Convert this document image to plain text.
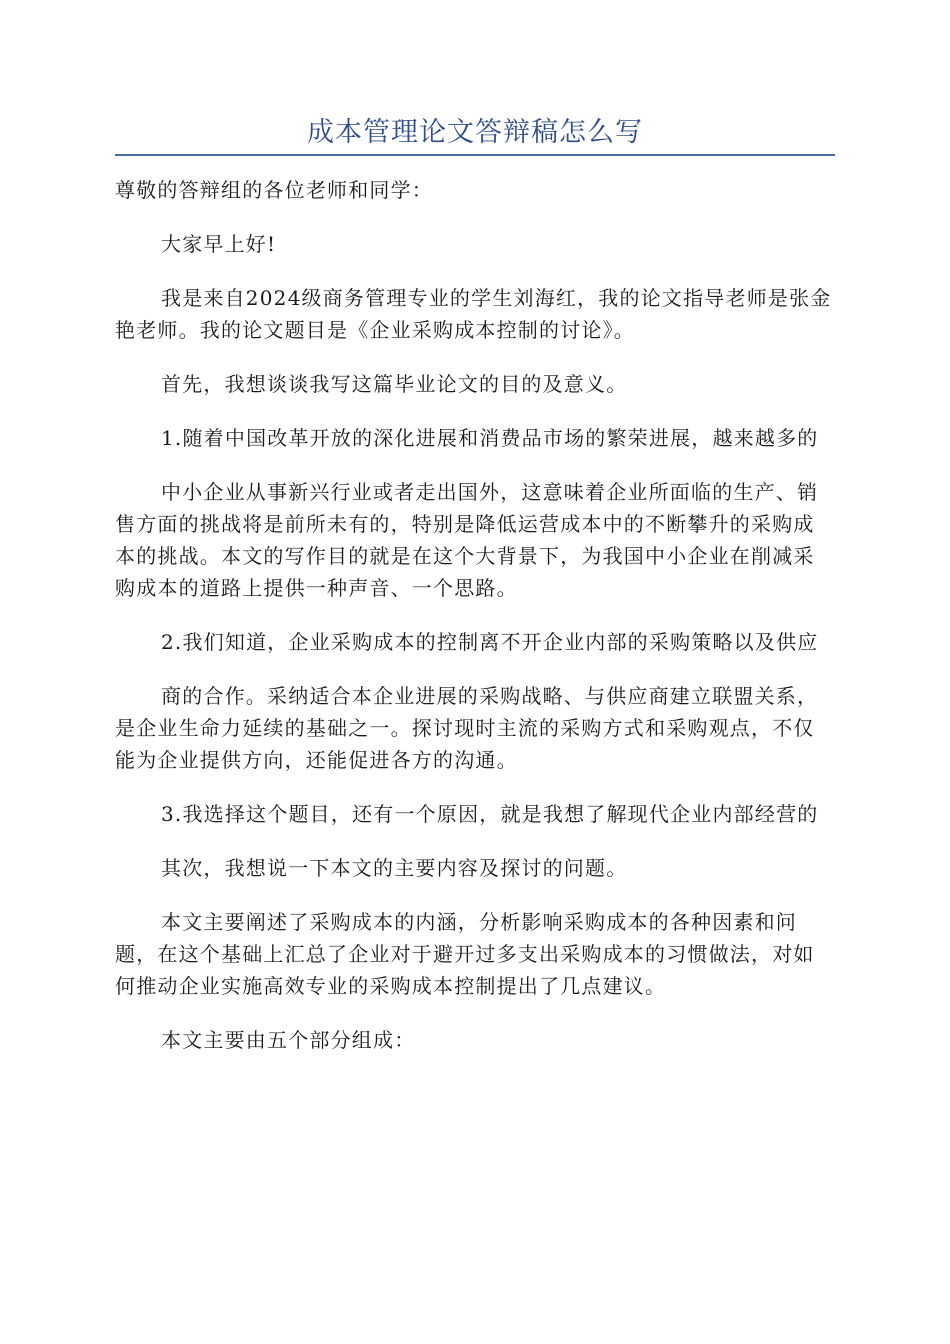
成本管理论文答辩稿怎么写

尊敬的答辩组的各位老师和同学：

大家早上好!

我是来自2024级商务管理专业的学生刘海红，我的论文指导老师是张金艳老师。我的论文题目是《企业采购成本控制的讨论》。

首先，我想谈谈我写这篇毕业论文的目的及意义。

1.随着中国改革开放的深化进展和消费品市场的繁荣进展，越来越多的

中小企业从事新兴行业或者走出国外，这意味着企业所面临的生产、销售方面的挑战将是前所未有的，特别是降低运营成本中的不断攀升的采购成本的挑战。本文的写作目的就是在这个大背景下，为我国中小企业在削减采购成本的道路上提供一种声音、一个思路。

2.我们知道，企业采购成本的控制离不开企业内部的采购策略以及供应

商的合作。采纳适合本企业进展的采购战略、与供应商建立联盟关系，是企业生命力延续的基础之一。探讨现时主流的采购方式和采购观点，不仅能为企业提供方向，还能促进各方的沟通。

3.我选择这个题目，还有一个原因，就是我想了解现代企业内部经营的

其次，我想说一下本文的主要内容及探讨的问题。

本文主要阐述了采购成本的内涵，分析影响采购成本的各种因素和问题，在这个基础上汇总了企业对于避开过多支出采购成本的习惯做法，对如何推动企业实施高效专业的采购成本控制提出了几点建议。

本文主要由五个部分组成：
